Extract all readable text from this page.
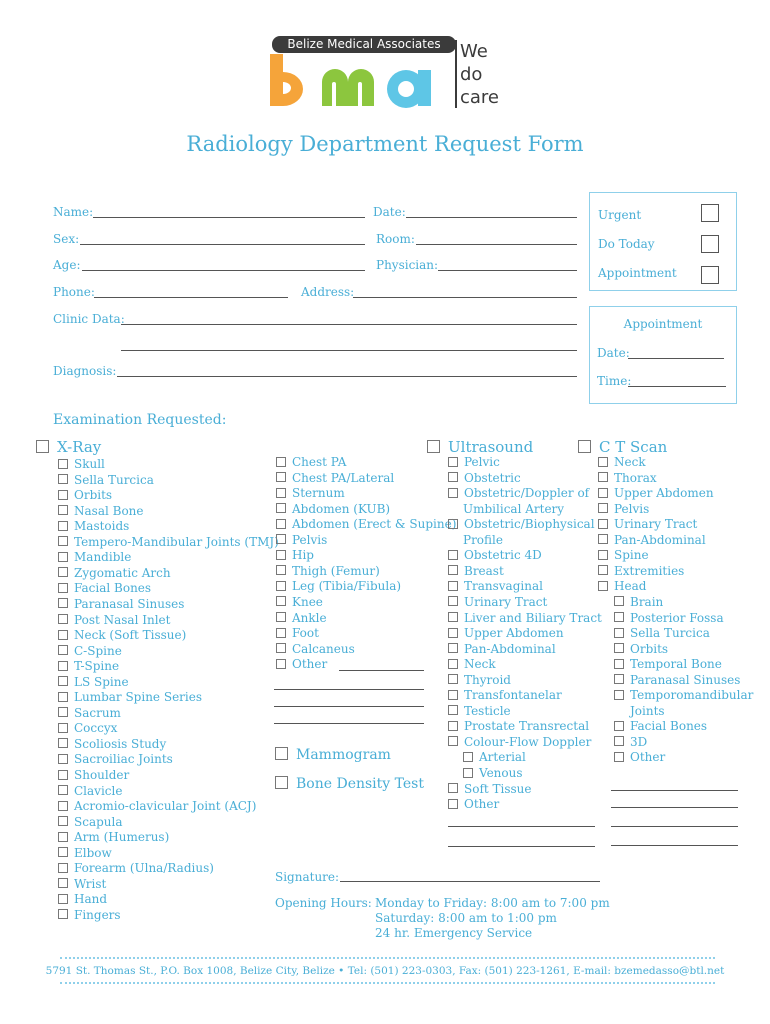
Belize Medical Associates	We
do
care
Radiology Department Request Form
Name:	Date:
Sex:	Room:
Age:	Physician:
Phone:	Address:
Clinic Data:
Diagnosis:
Urgent
Do Today
Appointment
Appointment
Date:
Time:
Examination Requested:
X-Ray
Skull
Sella Turcica
Orbits
Nasal Bone
Mastoids
Tempero-Mandibular Joints (TMJ)
Mandible
Zygomatic Arch
Facial Bones
Paranasal Sinuses
Post Nasal Inlet
Neck (Soft Tissue)
C-Spine
T-Spine
LS Spine
Lumbar Spine Series
Sacrum
Coccyx
Scoliosis Study
Sacroiliac Joints
Shoulder
Clavicle
Acromio-clavicular Joint (ACJ)
Scapula
Arm (Humerus)
Elbow
Forearm (Ulna/Radius)
Wrist
Hand
Fingers
Chest PA
Chest PA/Lateral
Sternum
Abdomen (KUB)
Abdomen (Erect & Supine)
Pelvis
Hip
Thigh (Femur)
Leg (Tibia/Fibula)
Knee
Ankle
Foot
Calcaneus
Other
Mammogram
Bone Density Test
Ultrasound
Pelvic
Obstetric
Obstetric/Doppler of
Obstetric/Biophysical
Obstetric 4D
Breast
Transvaginal
Urinary Tract
Liver and Biliary Tract
Upper Abdomen
Pan-Abdominal
Neck
Thyroid
Transfontanelar
Testicle
Prostate Transrectal
Colour-Flow Doppler
Soft Tissue
Other
Umbilical Artery
Profile
Arterial
Venous
C T Scan
Neck
Thorax
Upper Abdomen
Pelvis
Urinary Tract
Pan-Abdominal
Spine
Extremities
Head
Brain
Posterior Fossa
Sella Turcica
Orbits
Temporal Bone
Paranasal Sinuses
Temporomandibular
Facial Bones
3D
Other
Joints
Signature:
Opening Hours: Monday to Friday: 8:00 am to 7:00 pm
Saturday: 8:00 am to 1:00 pm
24 hr. Emergency Service
5791 St. Thomas St., P.O. Box 1008, Belize City, Belize • Tel: (501) 223-0303, Fax: (501) 223-1261, E-mail: bzemedasso@btl.net
